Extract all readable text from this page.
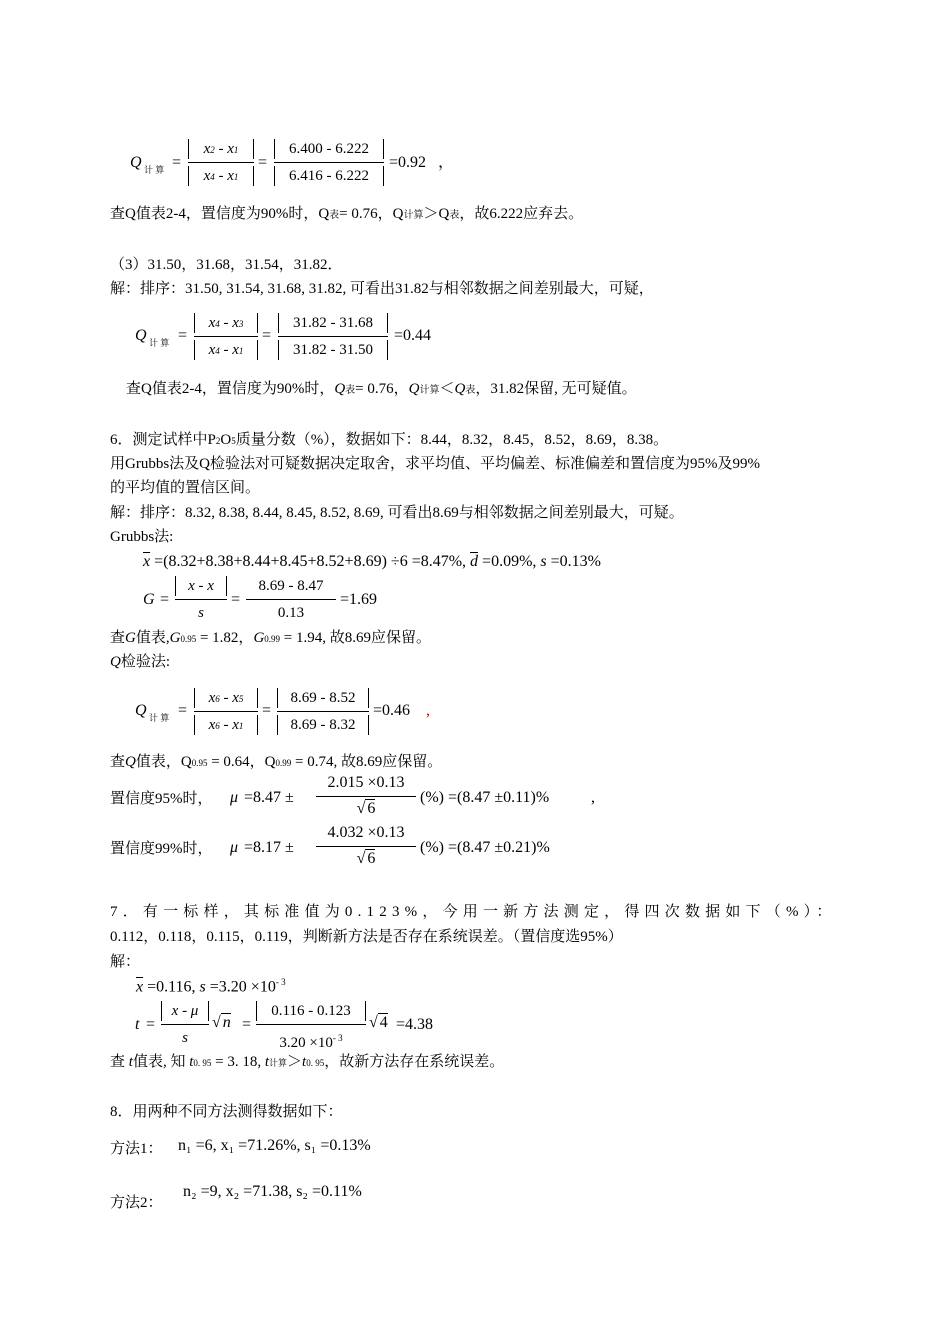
Q 计 算 =
x2 - x1
x4 - x1
=
6.400 - 6.222
6.416 - 6.222
=0.92 ，
查Q值表2-4，置信度为90%时，Q表= 0.76，Q计算＞Q表，故6.222应弃去。
（3）31.50，31.68，31.54，31.82．
解：排序：31.50, 31.54, 31.68, 31.82, 可看出31.82与相邻数据之间差别最大，可疑，
Q 计 算 =
x4 - x3
x4 - x1
=
31.82 - 31.68
31.82 - 31.50
=0.44
查Q值表2-4，置信度为90%时，Q表= 0.76，Q计算＜Q表，31.82保留, 无可疑值。
6．测定试样中P2O5质量分数（%），数据如下：8.44，8.32，8.45，8.52，8.69，8.38。
用Grubbs法及Q检验法对可疑数据决定取舍，求平均值、平均偏差、标准偏差和置信度为95%及99%
的平均值的置信区间。
解：排序：8.32, 8.38, 8.44, 8.45, 8.52, 8.69, 可看出8.69与相邻数据之间差别最大，可疑。
Grubbs法:
$\overline{x} =(8.32+8.38+8.44+8.45+8.52+8.69) \div 6 =8.47\%$, $\overline{d} =0.09\%$, s =0.13%
G =
x - x
s
=
8.69 - 8.47
0.13
=1.69
查G值表,G0.95 = 1.82，G0.99 = 1.94, 故8.69应保留。
Q检验法:
Q 计 算 =
x6 - x5
x6 - x1
=
8.69 - 8.52
8.69 - 8.32
=0.46 ,
查Q值表，Q0.95 = 0.64，Q0.99 = 0.74, 故8.69应保留。
置信度95%时， μ =8.47 ±
2.015 ×0.13
√ 6
(%) =(8.47 ±0.11)%	,
置信度99%时， μ =8.17 ±
4.032 ×0.13
√ 6
(%) =(8.47 ±0.21)%
7．有一标样，其标准值为0.123%，今用一新方法测定，得四次数据如下（%）：
0.112，0.118，0.115，0.119，判断新方法是否存在系统误差。（置信度选95%）
解：
$\overline{x} =0.116$, $s =3.20 \times 10^{- 3}$
t =
x - μ
s
√ n =
0.116 - 0.123
$3.20 \times 10^{- 3}$
√ 4 =4.38
查 t值表, 知 t0. 95 = 3. 18, t计算＞t0. 95，故新方法存在系统误差。
8．用两种不同方法测得数据如下：
方法1： n₁ =6, x₁ =71.26%, s₁ =0.13%
方法2：
n₂ =9, x₂ =71.38, s₂ =0.11%
